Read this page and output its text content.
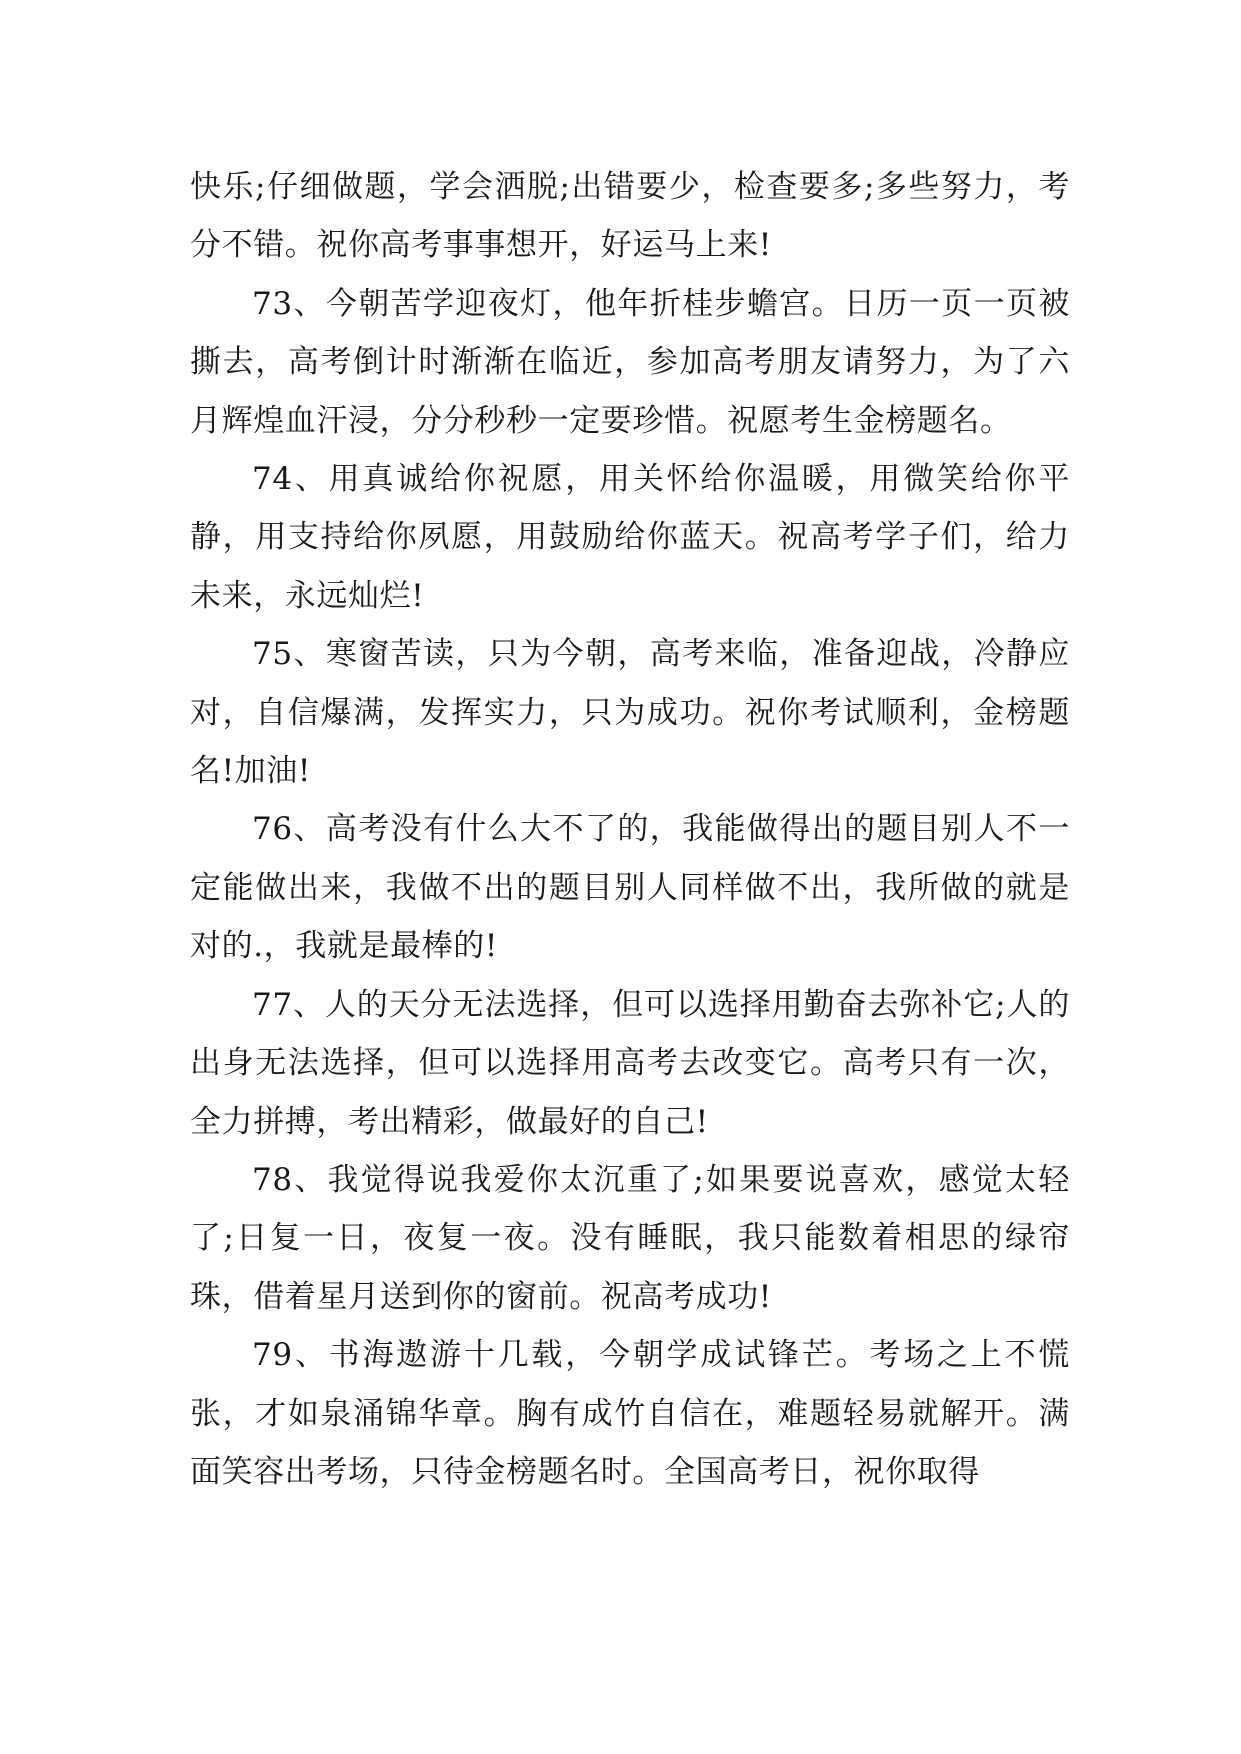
快乐;仔细做题，学会洒脱;出错要少，检查要多;多些努力，考分不错。祝你高考事事想开，好运马上来!

73、今朝苦学迎夜灯，他年折桂步蟾宫。日历一页一页被撕去，高考倒计时渐渐在临近，参加高考朋友请努力，为了六月辉煌血汗浸，分分秒秒一定要珍惜。祝愿考生金榜题名。

74、用真诚给你祝愿，用关怀给你温暖，用微笑给你平静，用支持给你夙愿，用鼓励给你蓝天。祝高考学子们，给力未来，永远灿烂!

75、寒窗苦读，只为今朝，高考来临，准备迎战，冷静应对，自信爆满，发挥实力，只为成功。祝你考试顺利，金榜题名!加油!

76、高考没有什么大不了的，我能做得出的题目别人不一定能做出来，我做不出的题目别人同样做不出，我所做的就是对的.，我就是最棒的!

77、人的天分无法选择，但可以选择用勤奋去弥补它;人的出身无法选择，但可以选择用高考去改变它。高考只有一次，全力拼搏，考出精彩，做最好的自己!

78、我觉得说我爱你太沉重了;如果要说喜欢，感觉太轻了;日复一日，夜复一夜。没有睡眠，我只能数着相思的绿帘珠，借着星月送到你的窗前。祝高考成功!

79、书海遨游十几载，今朝学成试锋芒。考场之上不慌张，才如泉涌锦华章。胸有成竹自信在，难题轻易就解开。满面笑容出考场，只待金榜题名时。全国高考日，祝你取得
